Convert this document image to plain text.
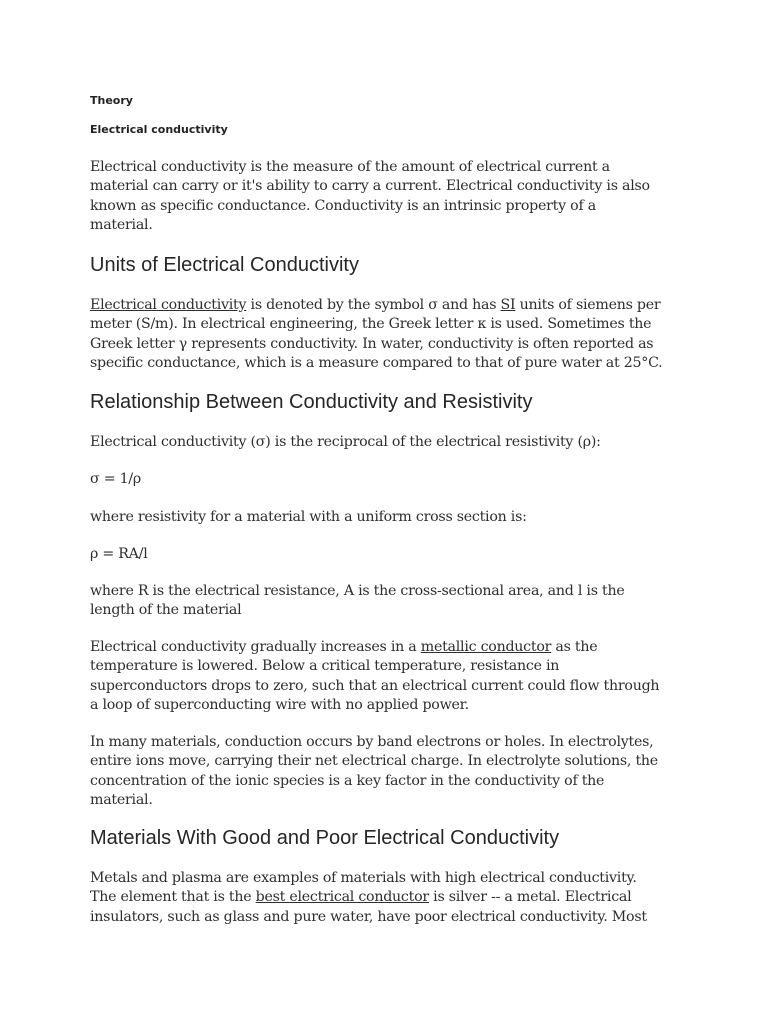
Theory
Electrical conductivity

Electrical conductivity is the measure of the amount of electrical current a
material can carry or it's ability to carry a current. Electrical conductivity is also
known as specific conductance. Conductivity is an intrinsic property of a
material.

Units of Electrical Conductivity

Electrical conductivity is denoted by the symbol σ and has SI units of siemens per
meter (S/m). In electrical engineering, the Greek letter κ is used. Sometimes the
Greek letter γ represents conductivity. In water, conductivity is often reported as
specific conductance, which is a measure compared to that of pure water at 25°C.

Relationship Between Conductivity and Resistivity

Electrical conductivity (σ) is the reciprocal of the electrical resistivity (ρ):

σ = 1/ρ

where resistivity for a material with a uniform cross section is:

ρ = RA/l

where R is the electrical resistance, A is the cross-sectional area, and l is the
length of the material

Electrical conductivity gradually increases in a metallic conductor as the
temperature is lowered. Below a critical temperature, resistance in
superconductors drops to zero, such that an electrical current could flow through
a loop of superconducting wire with no applied power.

In many materials, conduction occurs by band electrons or holes. In electrolytes,
entire ions move, carrying their net electrical charge. In electrolyte solutions, the
concentration of the ionic species is a key factor in the conductivity of the
material.

Materials With Good and Poor Electrical Conductivity

Metals and plasma are examples of materials with high electrical conductivity.
The element that is the best electrical conductor is silver -- a metal. Electrical
insulators, such as glass and pure water, have poor electrical conductivity. Most
